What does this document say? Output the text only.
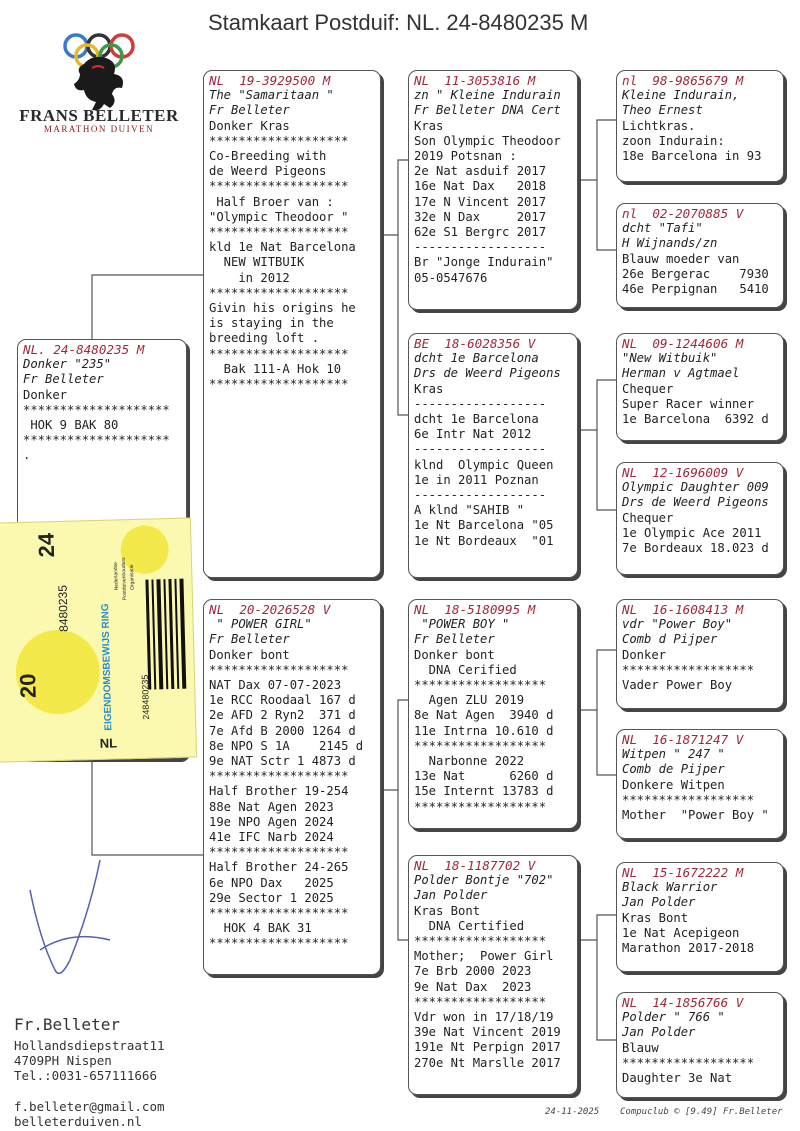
Stamkaart Postduif: NL. 24-8480235 M
FRANS BELLETER
MARATHON DUIVEN
NL. 24-8480235 M
Donker "235"
Fr Belleter
Donker
********************
HOK 9 BAK 80
********************
.
NL  19-3929500 M
The "Samaritaan "
Fr Belleter
Donker Kras
*******************
Co-Breeding with
de Weerd Pigeons
*******************
Half Broer van :
"Olympic Theodoor "
*******************
kld 1e Nat Barcelona
NEW WITBUIK
in 2012
*******************
Givin his origins he
is staying in the
breeding loft .
*******************
Bak 111-A Hok 10
*******************
NL  20-2026528 V
" POWER GIRL"
Fr Belleter
Donker bont
*******************
NAT Dax 07-07-2023
1e RCC Roodaal 167 d
2e AFD 2 Ryn2  371 d
7e Afd B 2000 1264 d
8e NPO S 1A    2145 d
9e NAT Sctr 1 4873 d
*******************
Half Brother 19-254
88e Nat Agen 2023
19e NPO Agen 2024
41e IFC Narb 2024
*******************
Half Brother 24-265
6e NPO Dax   2025
29e Sector 1 2025
*******************
HOK 4 BAK 31
*******************
NL  11-3053816 M
zn " Kleine Indurain
Fr Belleter DNA Cert
Kras
Son Olympic Theodoor
2019 Potsnan :
2e Nat asduif 2017
16e Nat Dax   2018
17e N Vincent 2017
32e N Dax     2017
62e S1 Bergrc 2017
------------------
Br "Jonge Indurain"
05-0547676
BE  18-6028356 V
dcht 1e Barcelona
Drs de Weerd Pigeons
Kras
------------------
dcht 1e Barcelona
6e Intr Nat 2012
------------------
klnd  Olympic Queen
1e in 2011 Poznan
------------------
A klnd "SAHIB "
1e Nt Barcelona "05
1e Nt Bordeaux  "01
NL  18-5180995 M
"POWER BOY "
Fr Belleter
Donker bont
DNA Cerified
******************
Agen ZLU 2019
8e Nat Agen  3940 d
11e Intrna 10.610 d
******************
Narbonne 2022
13e Nat      6260 d
15e Internt 13783 d
******************
NL  18-1187702 V
Polder Bontje "702"
Jan Polder
Kras Bont
DNA Certified
******************
Mother;  Power Girl
7e Brb 2000 2023
9e Nat Dax  2023
******************
Vdr won in 17/18/19
39e Nat Vincent 2019
191e Nt Perpign 2017
270e Nt Marslle 2017
nl  98-9865679 M
Kleine Indurain,
Theo Ernest
Lichtkras.
zoon Indurain:
18e Barcelona in 93
nl  02-2070885 V
dcht "Tafi"
H Wijnands/zn
Blauw moeder van
26e Bergerac    7930
46e Perpignan   5410
NL  09-1244606 M
"New Witbuik"
Herman v Agtmael
Chequer
Super Racer winner
1e Barcelona  6392 d
NL  12-1696009 V
Olympic Daughter 009
Drs de Weerd Pigeons
Chequer
1e Olympic Ace 2011
7e Bordeaux 18.023 d
NL  16-1608413 M
vdr "Power Boy"
Comb d Pijper
Donker
******************
Vader Power Boy
NL  16-1871247 V
Witpen " 247 "
Comb de Pijper
Donkere Witpen
******************
Mother  "Power Boy "
NL  15-1672222 M
Black Warrior
Jan Polder
Kras Bont
1e Nat Acepigeon
Marathon 2017-2018
NL  14-1856766 V
Polder " 766 "
Jan Polder
Blauw
******************
Daughter 3e Nat
20
24
8480235
248480235
NL
EIGENDOMSBEWIJS RING
Nederlandse Postduivenhouders Organisatie
Fr.Belleter
Hollandsdiepstraat11
4709PH Nispen
Tel.:0031-657111666
f.belleter@gmail.com
belleterduiven.nl
24-11-2025 Compuclub © [9.49] Fr.Belleter
